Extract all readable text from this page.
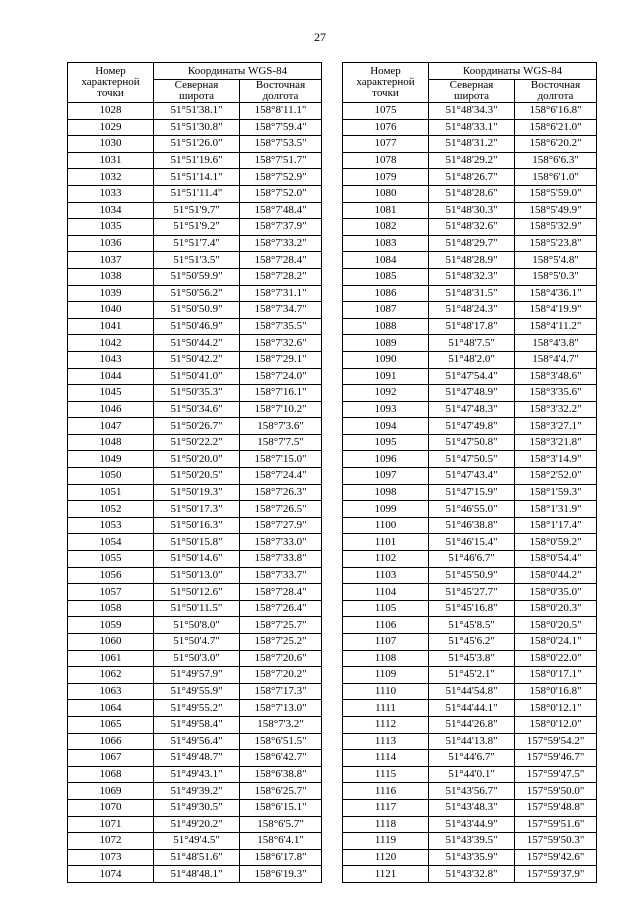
27
Номер
характерной
точки	Координаты WGS-84	
	Северная
широта	Восточная
долгота
1028	51°51'38.1"	158°8'11.1"
1029	51°51'30.8"	158°7'59.4"
1030	51°51'26.0"	158°7'53.5"
1031	51°51'19.6"	158°7'51.7"
1032	51°51'14.1"	158°7'52.9"
1033	51°51'11.4"	158°7'52.0"
1034	51°51'9.7"	158°7'48.4"
1035	51°51'9.2"	158°7'37.9"
1036	51°51'7.4"	158°7'33.2"
1037	51°51'3.5"	158°7'28.4"
1038	51°50'59.9"	158°7'28.2"
1039	51°50'56.2"	158°7'31.1"
1040	51°50'50.9"	158°7'34.7"
1041	51°50'46.9"	158°7'35.5"
1042	51°50'44.2"	158°7'32.6"
1043	51°50'42.2"	158°7'29.1"
1044	51°50'41.0"	158°7'24.0"
1045	51°50'35.3"	158°7'16.1"
1046	51°50'34.6"	158°7'10.2"
1047	51°50'26.7"	158°7'3.6"
1048	51°50'22.2"	158°7'7.5"
1049	51°50'20.0"	158°7'15.0"
1050	51°50'20.5"	158°7'24.4"
1051	51°50'19.3"	158°7'26.3"
1052	51°50'17.3"	158°7'26.5"
1053	51°50'16.3"	158°7'27.9"
1054	51°50'15.8"	158°7'33.0"
1055	51°50'14.6"	158°7'33.8"
1056	51°50'13.0"	158°7'33.7"
1057	51°50'12.6"	158°7'28.4"
1058	51°50'11.5"	158°7'26.4"
1059	51°50'8.0"	158°7'25.7"
1060	51°50'4.7"	158°7'25.2"
1061	51°50'3.0"	158°7'20.6"
1062	51°49'57.9"	158°7'20.2"
1063	51°49'55.9"	158°7'17.3"
1064	51°49'55.2"	158°7'13.0"
1065	51°49'58.4"	158°7'3.2"
1066	51°49'56.4"	158°6'51.5"
1067	51°49'48.7"	158°6'42.7"
1068	51°49'43.1"	158°6'38.8"
1069	51°49'39.2"	158°6'25.7"
1070	51°49'30.5"	158°6'15.1"
1071	51°49'20.2"	158°6'5.7"
1072	51°49'4.5"	158°6'4.1"
1073	51°48'51.6"	158°6'17.8"
1074	51°48'48.1"	158°6'19.3"
Номер
характерной
точки	Координаты WGS-84	
	Северная
широта	Восточная
долгота
1075	51°48'34.3"	158°6'16.8"
1076	51°48'33.1"	158°6'21.0"
1077	51°48'31.2"	158°6'20.2"
1078	51°48'29.2"	158°6'6.3"
1079	51°48'26.7"	158°6'1.0"
1080	51°48'28.6"	158°5'59.0"
1081	51°48'30.3"	158°5'49.9"
1082	51°48'32.6"	158°5'32.9"
1083	51°48'29.7"	158°5'23.8"
1084	51°48'28.9"	158°5'4.8"
1085	51°48'32.3"	158°5'0.3"
1086	51°48'31.5"	158°4'36.1"
1087	51°48'24.3"	158°4'19.9"
1088	51°48'17.8"	158°4'11.2"
1089	51°48'7.5"	158°4'3.8"
1090	51°48'2.0"	158°4'4.7"
1091	51°47'54.4"	158°3'48.6"
1092	51°47'48.9"	158°3'35.6"
1093	51°47'48.3"	158°3'32.2"
1094	51°47'49.8"	158°3'27.1"
1095	51°47'50.8"	158°3'21.8"
1096	51°47'50.5"	158°3'14.9"
1097	51°47'43.4"	158°2'52.0"
1098	51°47'15.9"	158°1'59.3"
1099	51°46'55.0"	158°1'31.9"
1100	51°46'38.8"	158°1'17.4"
1101	51°46'15.4"	158°0'59.2"
1102	51°46'6.7"	158°0'54.4"
1103	51°45'50.9"	158°0'44.2"
1104	51°45'27.7"	158°0'35.0"
1105	51°45'16.8"	158°0'20.3"
1106	51°45'8.5"	158°0'20.5"
1107	51°45'6.2"	158°0'24.1"
1108	51°45'3.8"	158°0'22.0"
1109	51°45'2.1"	158°0'17.1"
1110	51°44'54.8"	158°0'16.8"
1111	51°44'44.1"	158°0'12.1"
1112	51°44'26.8"	158°0'12.0"
1113	51°44'13.8"	157°59'54.2"
1114	51°44'6.7"	157°59'46.7"
1115	51°44'0.1"	157°59'47.5"
1116	51°43'56.7"	157°59'50.0"
1117	51°43'48.3"	157°59'48.8"
1118	51°43'44.9"	157°59'51.6"
1119	51°43'39.5"	157°59'50.3"
1120	51°43'35.9"	157°59'42.6"
1121	51°43'32.8"	157°59'37.9"
